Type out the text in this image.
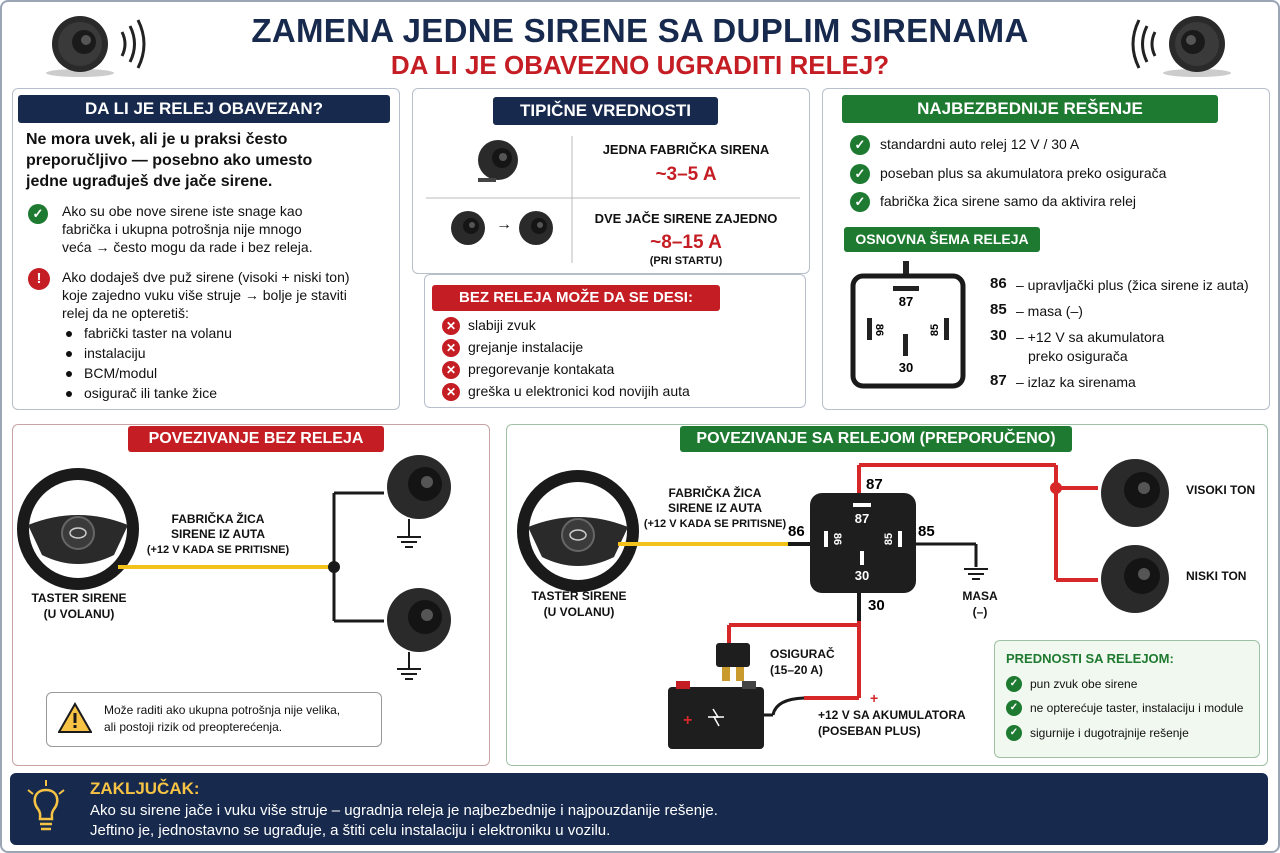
ZAMENA JEDNE SIRENE SA DUPLIM SIRENAMA
DA LI JE OBAVEZNO UGRADITI RELEJ?
DA LI JE RELEJ OBAVEZAN?
Ne mora uvek, ali je u praksi često
preporučljivo — posebno ako umesto
jedne ugrađuješ dve jače sirene.
✓	Ako su obe nove sirene iste snage kao
fabrička i ukupna potrošnja nije mnogo
veća → često mogu da rade i bez releja.
!	Ako dodaješ dve puž sirene (visoki + niski ton)
koje zajedno vuku više struje → bolje je staviti
relej da ne opteretiš:
fabrički taster na volanu
instalaciju
BCM/modul
osigurač ili tanke žice
TIPIČNE VREDNOSTI
→
JEDNA FABRIČKA SIRENA
~3–5 A
DVE JAČE SIRENE ZAJEDNO
~8–15 A
(PRI STARTU)
BEZ RELEJA MOŽE DA SE DESI:
✕ slabiji zvuk
✕ grejanje instalacije
✕ pregorevanje kontakata
✕ greška u elektronici kod novijih auta
NAJBEZBEDNIJE REŠENJE
✓	standardni auto relej 12 V / 30 A
✓	poseban plus sa akumulatora preko osigurača
✓	fabrička žica sirene samo da aktivira relej
OSNOVNA ŠEMA RELEJA
87
86	85
30
86 – upravljački plus (žica sirene iz auta)
85 – masa (–)
30 – +12 V sa akumulatora
preko osigurača
87 – izlaz ka sirenama
POVEZIVANJE BEZ RELEJA
FABRIČKA ŽICA
SIRENE IZ AUTA
(+12 V KADA SE PRITISNE)
TASTER SIRENE
(U VOLANU)
Može raditi ako ukupna potrošnja nije velika,
ali postoji rizik od preopterećenja.
POVEZIVANJE SA RELEJOM (PREPORUČENO)
87
86	85
30
87
86	85
30
+
+
FABRIČKA ŽICA
SIRENE IZ AUTA
(+12 V KADA SE PRITISNE)
TASTER SIRENE
(U VOLANU)
VISOKI TON
NISKI TON
MASA
(–)
OSIGURAČ
(15–20 A)
+12 V SA AKUMULATORA
(POSEBAN PLUS)
PREDNOSTI SA RELEJOM:
✓ pun zvuk obe sirene
✓ ne opterećuje taster, instalaciju i module
✓ sigurnije i dugotrajnije rešenje
ZAKLJUČAK:
Ako su sirene jače i vuku više struje – ugradnja releja je najbezbednije i najpouzdanije rešenje.
Jeftino je, jednostavno se ugrađuje, a štiti celu instalaciju i elektroniku u vozilu.
